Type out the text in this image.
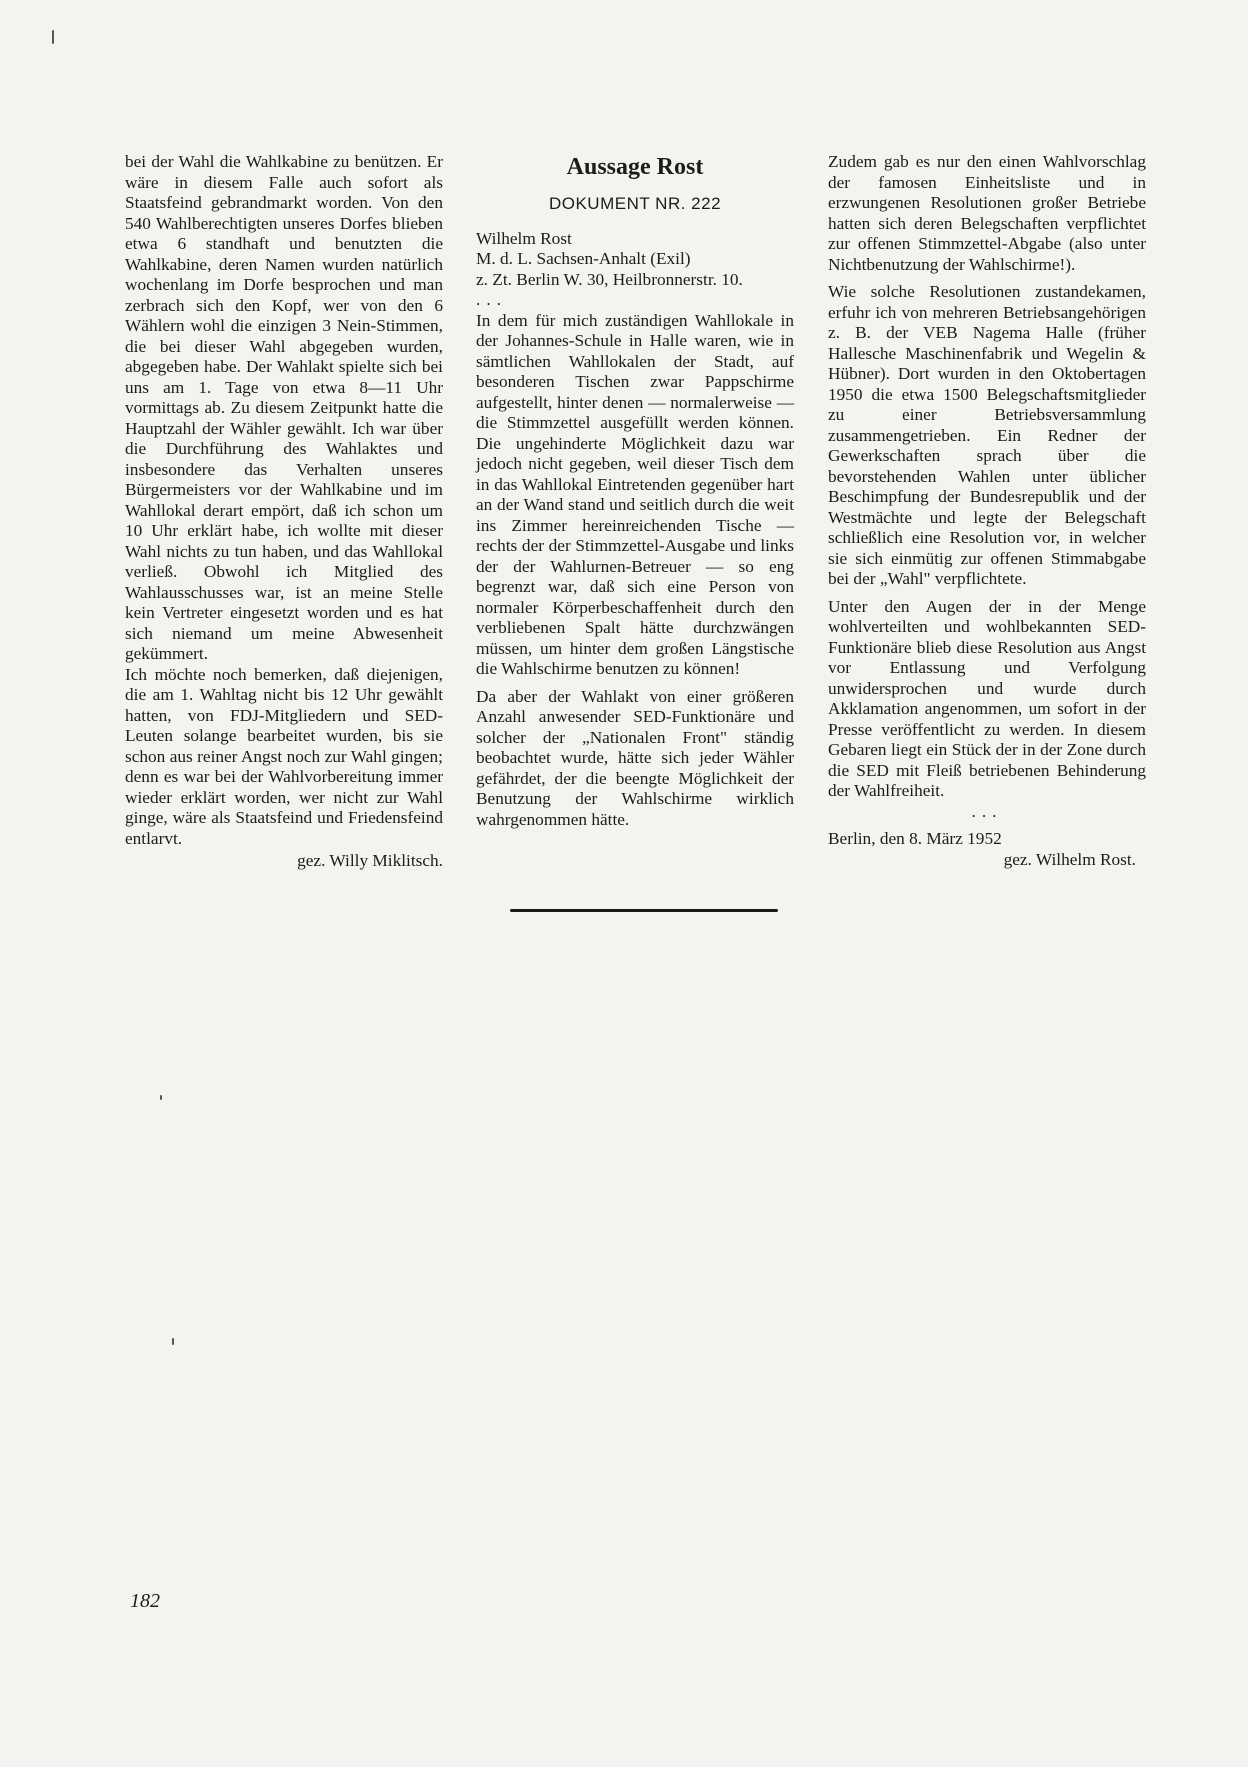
bei der Wahl die Wahlkabine zu benützen. Er wäre in diesem Falle auch sofort als Staatsfeind gebrandmarkt worden. Von den 540 Wahlberechtigten unseres Dorfes blieben etwa 6 standhaft und benutzten die Wahlkabine, deren Namen wurden natürlich wochenlang im Dorfe besprochen und man zerbrach sich den Kopf, wer von den 6 Wählern wohl die einzigen 3 Nein-Stimmen, die bei dieser Wahl abgegeben wurden, abgegeben habe. Der Wahlakt spielte sich bei uns am 1. Tage von etwa 8—11 Uhr vormittags ab. Zu diesem Zeitpunkt hatte die Hauptzahl der Wähler gewählt. Ich war über die Durchführung des Wahlaktes und insbesondere das Verhalten unseres Bürgermeisters vor der Wahlkabine und im Wahllokal derart empört, daß ich schon um 10 Uhr erklärt habe, ich wollte mit dieser Wahl nichts zu tun haben, und das Wahllokal verließ. Obwohl ich Mitglied des Wahlausschusses war, ist an meine Stelle kein Vertreter eingesetzt worden und es hat sich niemand um meine Abwesenheit gekümmert.

Ich möchte noch bemerken, daß diejenigen, die am 1. Wahltag nicht bis 12 Uhr gewählt hatten, von FDJ-Mitgliedern und SED-Leuten solange bearbeitet wurden, bis sie schon aus reiner Angst noch zur Wahl gingen; denn es war bei der Wahlvorbereitung immer wieder erklärt worden, wer nicht zur Wahl ginge, wäre als Staatsfeind und Friedensfeind entlarvt.

gez. Willy Miklitsch.

Aussage Rost
DOKUMENT NR. 222

Wilhelm Rost

M. d. L. Sachsen-Anhalt (Exil)

z. Zt. Berlin W. 30, Heilbronnerstr. 10.

...

In dem für mich zuständigen Wahllokale in der Johannes-Schule in Halle waren, wie in sämtlichen Wahllokalen der Stadt, auf besonderen Tischen zwar Pappschirme aufgestellt, hinter denen — normalerweise — die Stimmzettel ausgefüllt werden können. Die ungehinderte Möglichkeit dazu war jedoch nicht gegeben, weil dieser Tisch dem in das Wahllokal Eintretenden gegenüber hart an der Wand stand und seitlich durch die weit ins Zimmer hereinreichenden Tische — rechts der der Stimmzettel-Ausgabe und links der der Wahlurnen-Betreuer — so eng begrenzt war, daß sich eine Person von normaler Körperbeschaffenheit durch den verbliebenen Spalt hätte durchzwängen müssen, um hinter dem großen Längstische die Wahlschirme benutzen zu können!

Da aber der Wahlakt von einer größeren Anzahl anwesender SED-Funktionäre und solcher der „Nationalen Front" ständig beobachtet wurde, hätte sich jeder Wähler gefährdet, der die beengte Möglichkeit der Benutzung der Wahlschirme wirklich wahrgenommen hätte.

Zudem gab es nur den einen Wahlvorschlag der famosen Einheitsliste und in erzwungenen Resolutionen großer Betriebe hatten sich deren Belegschaften verpflichtet zur offenen Stimmzettel-Abgabe (also unter Nichtbenutzung der Wahlschirme!).

Wie solche Resolutionen zustandekamen, erfuhr ich von mehreren Betriebsangehörigen z. B. der VEB Nagema Halle (früher Hallesche Maschinenfabrik und Wegelin & Hübner). Dort wurden in den Oktobertagen 1950 die etwa 1500 Belegschaftsmitglieder zu einer Betriebsversammlung zusammengetrieben. Ein Redner der Gewerkschaften sprach über die bevorstehenden Wahlen unter üblicher Beschimpfung der Bundesrepublik und der Westmächte und legte der Belegschaft schließlich eine Resolution vor, in welcher sie sich einmütig zur offenen Stimmabgabe bei der „Wahl" verpflichtete.

Unter den Augen der in der Menge wohlverteilten und wohlbekannten SED-Funktionäre blieb diese Resolution aus Angst vor Entlassung und Verfolgung unwidersprochen und wurde durch Akklamation angenommen, um sofort in der Presse veröffentlicht zu werden. In diesem Gebaren liegt ein Stück der in der Zone durch die SED mit Fleiß betriebenen Behinderung der Wahlfreiheit.

...

Berlin, den 8. März 1952

gez. Wilhelm Rost.

182
